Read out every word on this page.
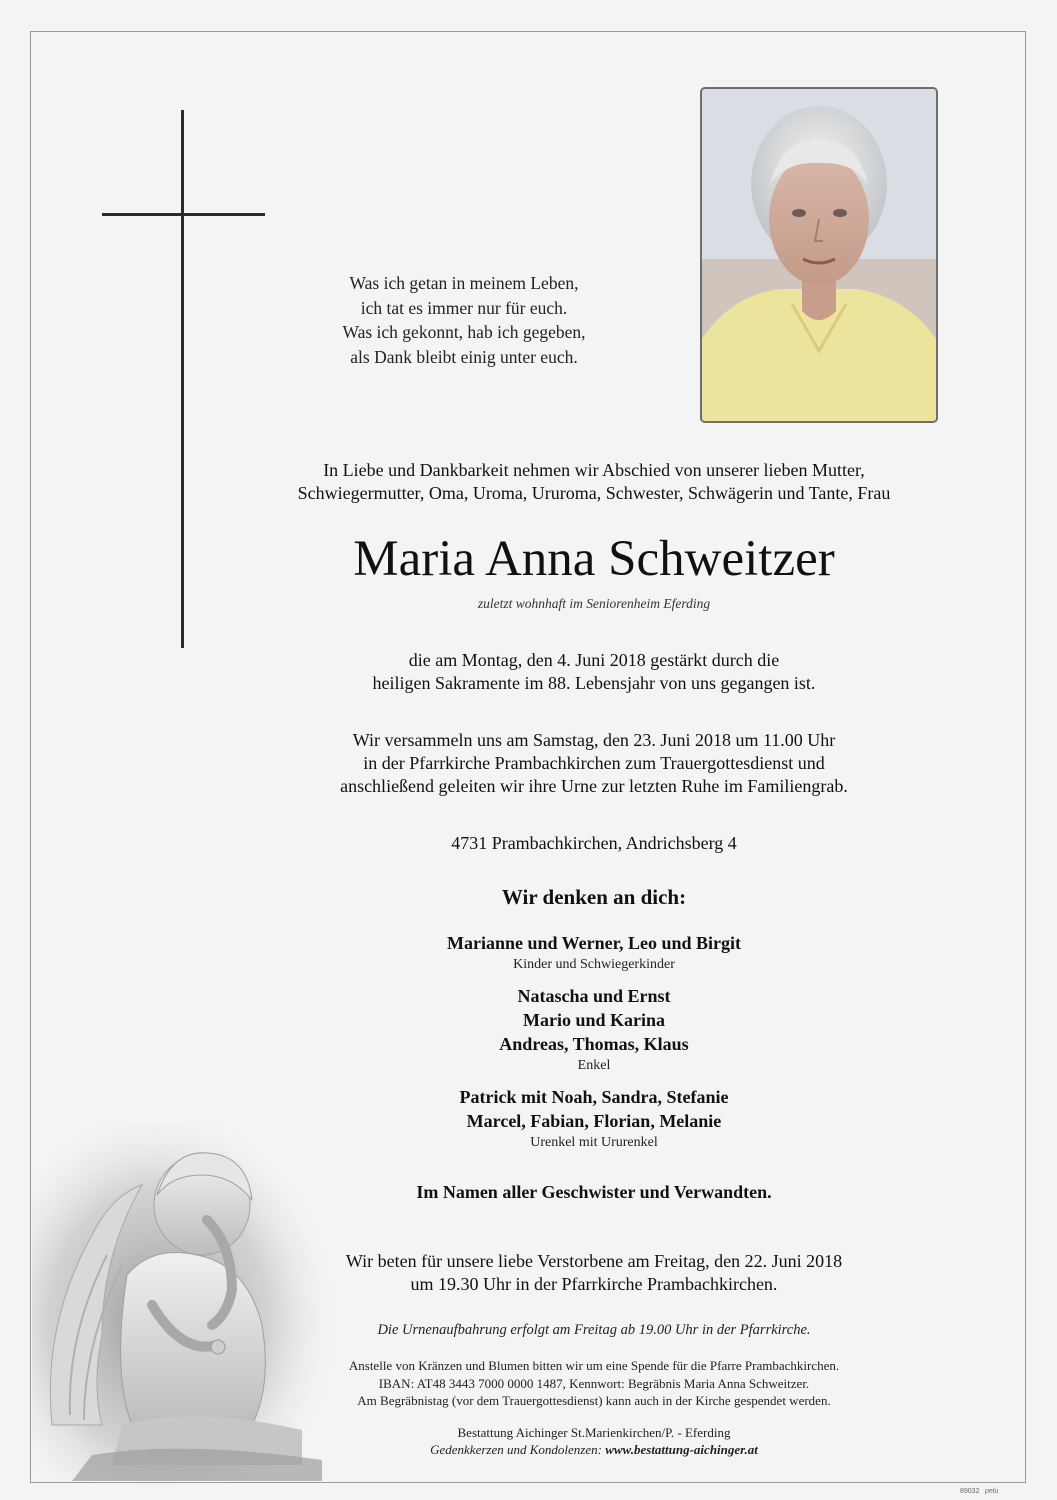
Was ich getan in meinem Leben,
ich tat es immer nur für euch.
Was ich gekonnt, hab ich gegeben,
als Dank bleibt einig unter euch.
In Liebe und Dankbarkeit nehmen wir Abschied von unserer lieben Mutter,
Schwiegermutter, Oma, Uroma, Ururoma, Schwester, Schwägerin und Tante, Frau
Maria Anna Schweitzer
zuletzt wohnhaft im Seniorenheim Eferding
die am Montag, den 4. Juni 2018 gestärkt durch die
heiligen Sakramente im 88. Lebensjahr von uns gegangen ist.
Wir versammeln uns am Samstag, den 23. Juni 2018 um 11.00 Uhr
in der Pfarrkirche Prambachkirchen zum Trauergottesdienst und
anschließend geleiten wir ihre Urne zur letzten Ruhe im Familiengrab.
4731 Prambachkirchen, Andrichsberg 4
Wir denken an dich:
Marianne und Werner, Leo und Birgit
Kinder und Schwiegerkinder
Natascha und Ernst
Mario und Karina
Andreas, Thomas, Klaus
Enkel
Patrick mit Noah, Sandra, Stefanie
Marcel, Fabian, Florian, Melanie
Urenkel mit Ururenkel
Im Namen aller Geschwister und Verwandten.
Wir beten für unsere liebe Verstorbene am Freitag, den 22. Juni 2018
um 19.30 Uhr in der Pfarrkirche Prambachkirchen.
Die Urnenaufbahrung erfolgt am Freitag ab 19.00 Uhr in der Pfarrkirche.
Anstelle von Kränzen und Blumen bitten wir um eine Spende für die Pfarre Prambachkirchen.
IBAN: AT48 3443 7000 0000 1487, Kennwort: Begräbnis Maria Anna Schweitzer.
Am Begräbnistag (vor dem Trauergottesdienst) kann auch in der Kirche gespendet werden.
Bestattung Aichinger St.Marienkirchen/P. - Eferding
Gedenkkerzen und Kondolenzen: www.bestattung-aichinger.at
89032 pelu
